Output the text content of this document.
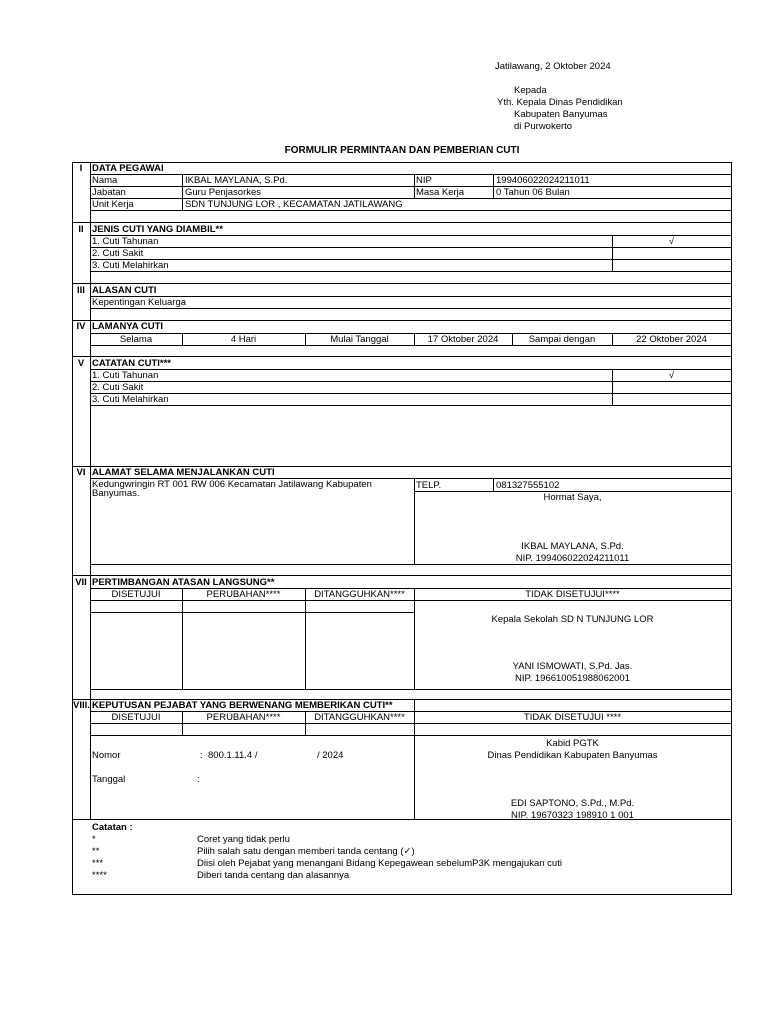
Jatilawang, 2 Oktober 2024
Kepada
Yth. Kepala Dinas Pendidikan
Kabupaten Banyumas
di Purwokerto
FORMULIR PERMINTAAN DAN PEMBERIAN CUTI
I	DATA PEGAWAI
Nama	IKBAL MAYLANA, S.Pd.	NIP	199406022024211011
Jabatan	Guru Penjasorkes	Masa Kerja	0 Tahun 06 Bulan
Unit Kerja	SDN TUNJUNG LOR , KECAMATAN JATILAWANG
II JENIS CUTI YANG DIAMBIL**
1. Cuti Tahunan	√
2. Cuti Sakit
3. Cuti Melahirkan
III ALASAN CUTI
Kepentingan Keluarga
IV LAMANYA CUTI
Selama	4 Hari	Mulai Tanggal	17 Oktober 2024	Sampai dengan	22 Oktober 2024
V CATATAN CUTI***
1. Cuti Tahunan	√
2. Cuti Sakit
3. Cuti Melahirkan
VI ALAMAT SELAMA MENJALANKAN CUTI
Kedungwringin RT 001 RW 006 Kecamatan Jatilawang Kabupaten
Banyumas.
TELP.	081327555102
Hormat Saya,
IKBAL MAYLANA, S.Pd.
NIP. 199406022024211011
VII PERTIMBANGAN ATASAN LANGSUNG**
DISETUJUI	PERUBAHAN****	DITANGGUHKAN****	TIDAK DISETUJUI****
Kepala Sekolah SD N TUNJUNG LOR
YANI ISMOWATI, S.Pd. Jas.
NIP. 196610051988062001
VIII. KEPUTUSAN PEJABAT YANG BERWENANG MEMBERIKAN CUTI**
DISETUJUI	PERUBAHAN****	DITANGGUHKAN****	TIDAK DISETUJUI ****
Nomor	: 800.1.11.4 /	/ 2024
Tanggal	:
Kabid PGTK
Dinas Pendidikan Kabupaten Banyumas
EDI SAPTONO, S.Pd., M.Pd.
NIP. 19670323 198910 1 001
Catatan :
*	Coret yang tidak perlu
**	Pilih salah satu dengan memberi tanda centang (✓)
***	Diisi oleh Pejabat yang menangani Bidang Kepegawean sebelumP3K mengajukan cuti
****	Diberi tanda centang dan alasannya
